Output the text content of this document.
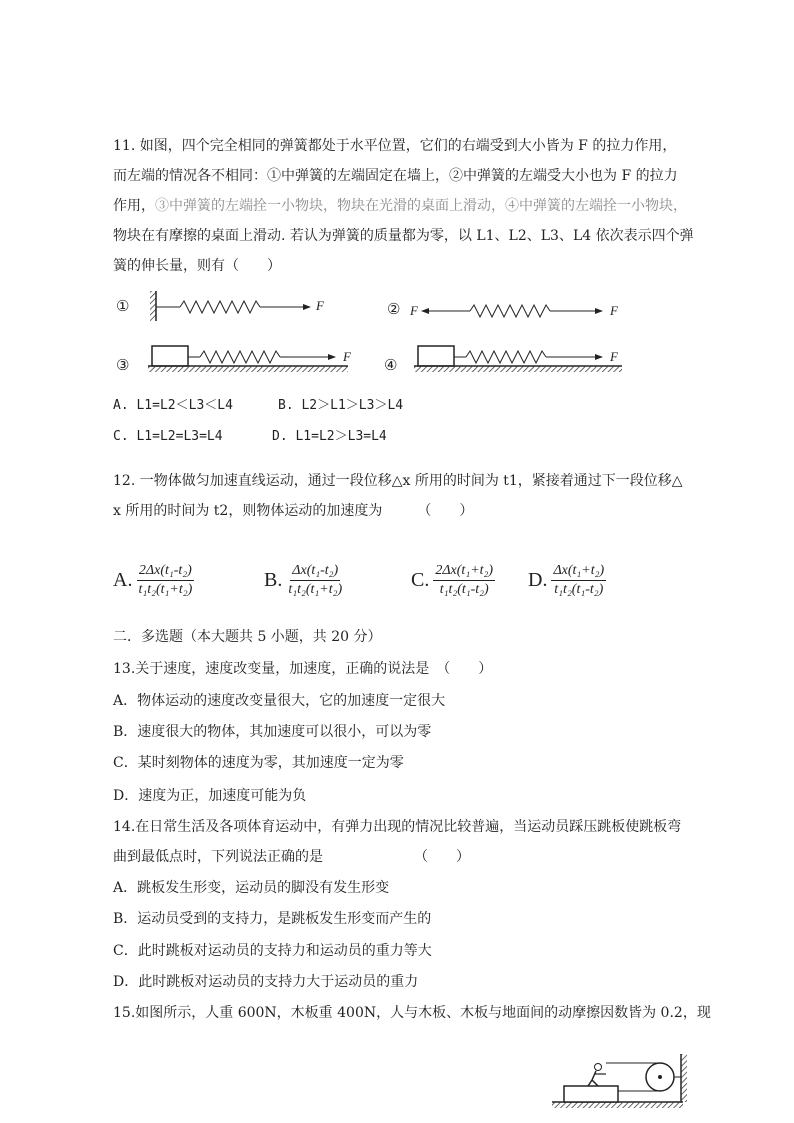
11. 如图，四个完全相同的弹簧都处于水平位置，它们的右端受到大小皆为 F 的拉力作用，
而左端的情况各不相同：①中弹簧的左端固定在墙上，②中弹簧的左端受大小也为 F 的拉力
作用，③中弹簧的左端拴一小物块，物块在光滑的桌面上滑动，④中弹簧的左端拴一小物块，
物块在有摩擦的桌面上滑动. 若认为弹簧的质量都为零，以 L1、L2、L3、L4 依次表示四个弹
簧的伸长量，则有（　　）
①	②
③	④
F	F	F
F	F
A. L1=L2＜L3＜L4	B. L2＞L1＞L3＞L4
C. L1=L2=L3=L4	D. L1=L2＞L3=L4
12. 一物体做匀加速直线运动，通过一段位移△x 所用的时间为 t1，紧接着通过下一段位移△
x 所用的时间为 t2，则物体运动的加速度为　　　（　　）
A. $\frac{\text{2Δx(t₁-t₂)}}{\text{t₁t₂(t₁+t₂)}}$	B. $\frac{\text{Δx(t₁-t₂)}}{\text{t₁t₂(t₁+t₂)}}$	C. $\frac{\text{2Δx(t₁+t₂)}}{\text{t₁t₂(t₁-t₂)}} D$. $\frac{\text{Δx(t₁+t₂)}}{\text{t₁t₂(t₁-t₂)}}$
二．多选题（本大题共 5 小题，共 20 分）
13.关于速度，速度改变量，加速度，正确的说法是　（　　）
A．物体运动的速度改变量很大，它的加速度一定很大
B．速度很大的物体，其加速度可以很小，可以为零
C．某时刻物体的速度为零，其加速度一定为零
D．速度为正，加速度可能为负
14.在日常生活及各项体育运动中，有弹力出现的情况比较普遍，当运动员踩压跳板使跳板弯
曲到最低点时，下列说法正确的是　　　　　　　（　　）
A．跳板发生形变，运动员的脚没有发生形变
B．运动员受到的支持力，是跳板发生形变而产生的
C．此时跳板对运动员的支持力和运动员的重力等大
D．此时跳板对运动员的支持力大于运动员的重力
15.如图所示，人重 600N，木板重 400N，人与木板、木板与地面间的动摩擦因数皆为 0.2，现
